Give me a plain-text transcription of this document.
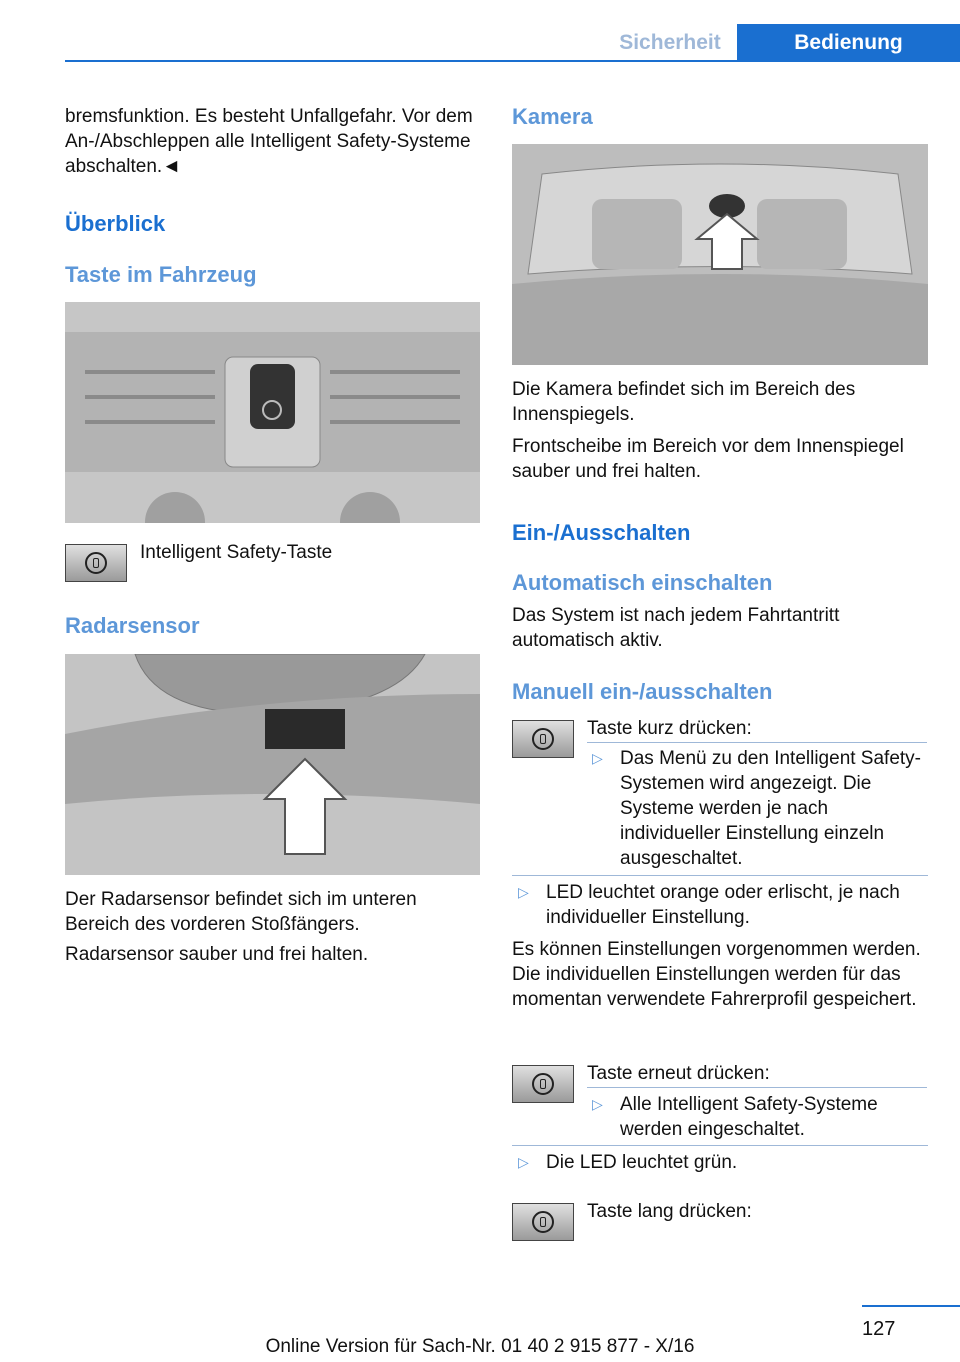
Sicherheit	Bedienung
bremsfunktion. Es besteht Unfallgefahr. Vor dem An-/Abschleppen alle Intelligent Safety-Systeme abschalten.◄
Überblick
Taste im Fahrzeug
Intelligent Safety-Taste
Radarsensor
Der Radarsensor befindet sich im unteren Bereich des vorderen Stoßfängers.
Radarsensor sauber und frei halten.
Kamera
Die Kamera befindet sich im Bereich des Innenspiegels.
Frontscheibe im Bereich vor dem Innenspiegel sauber und frei halten.
Ein-/Ausschalten
Automatisch einschalten
Das System ist nach jedem Fahrtantritt automatisch aktiv.
Manuell ein-/ausschalten
Taste kurz drücken:
▷ Das Menü zu den Intelligent Safety-Systemen wird angezeigt. Die Systeme werden je nach individueller Einstellung einzeln ausgeschaltet.
▷ LED leuchtet orange oder erlischt, je nach individueller Einstellung.
Es können Einstellungen vorgenommen werden. Die individuellen Einstellungen werden für das momentan verwendete Fahrerprofil gespeichert.
Taste erneut drücken:
▷ Alle Intelligent Safety-Systeme werden eingeschaltet.
▷ Die LED leuchtet grün.
Taste lang drücken:
127
Online Version für Sach-Nr. 01 40 2 915 877 - X/16
